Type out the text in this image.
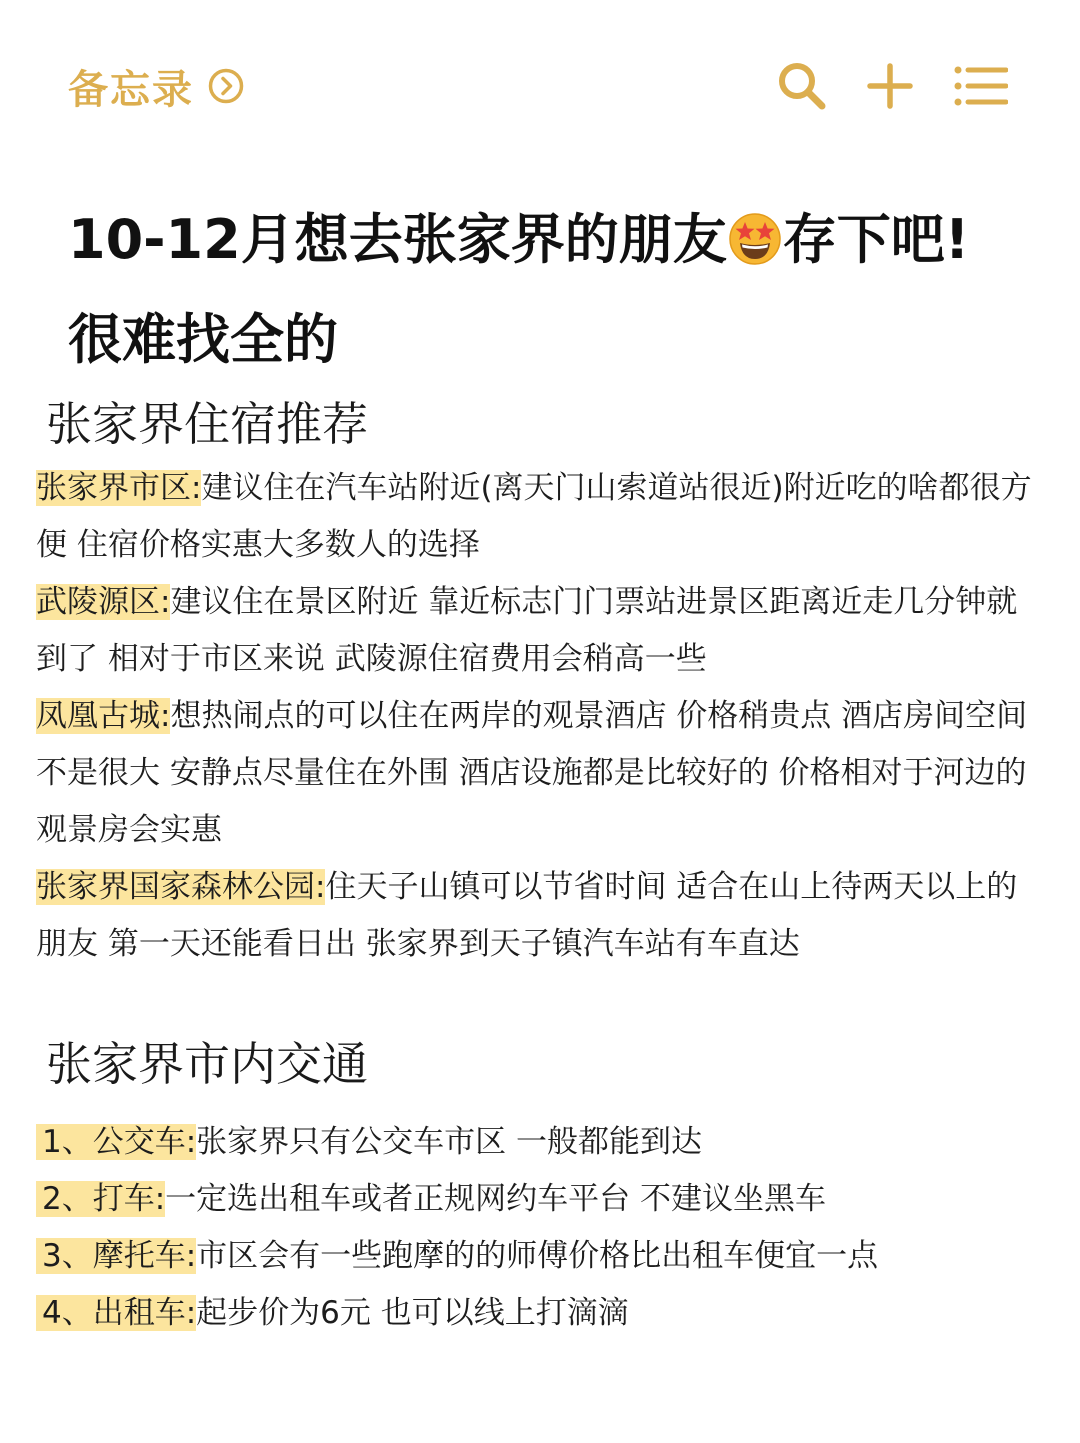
备忘录
10-12月想去张家界的朋友 存下吧!
很难找全的
张家界住宿推荐
张家界市区:建议住在汽车站附近(离天门山索道站很近)附近吃的啥都很方便 住宿价格实惠大多数人的选择
武陵源区:建议住在景区附近 靠近标志门门票站进景区距离近走几分钟就到了 相对于市区来说 武陵源住宿费用会稍高一些
凤凰古城:想热闹点的可以住在两岸的观景酒店 价格稍贵点 酒店房间空间不是很大 安静点尽量住在外围 酒店设施都是比较好的 价格相对于河边的观景房会实惠
张家界国家森林公园:住天子山镇可以节省时间 适合在山上待两天以上的朋友 第一天还能看日出 张家界到天子镇汽车站有车直达
张家界市内交通
1、公交车:张家界只有公交车市区 一般都能到达
2、打车:一定选出租车或者正规网约车平台 不建议坐黑车
3、摩托车:市区会有一些跑摩的的师傅价格比出租车便宜一点
4、出租车:起步价为6元 也可以线上打滴滴
